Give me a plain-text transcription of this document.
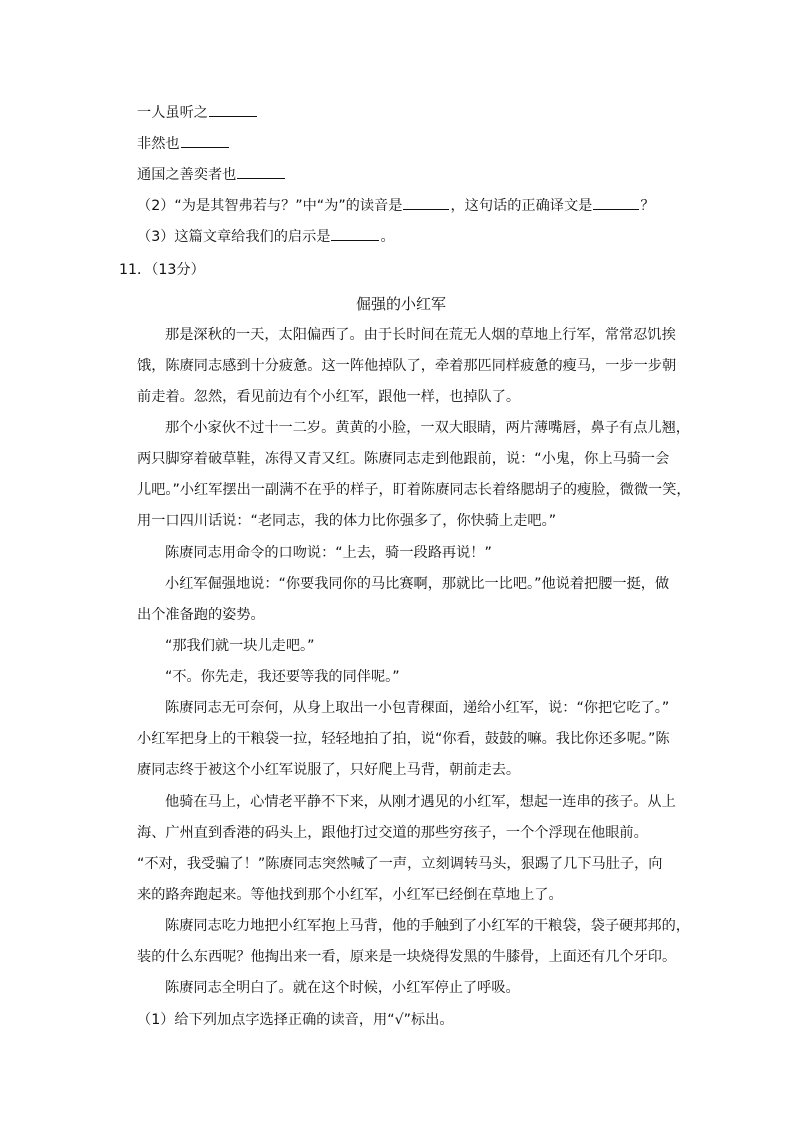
一人虽听之
非然也
通国之善奕者也
（2）“为是其智弗若与？”中“为”的读音是	，这句话的正确译文是	？
（3）这篇文章给我们的启示是	。
11．（13分）
倔强的小红军
那是深秋的一天，太阳偏西了。由于长时间在荒无人烟的草地上行军，常常忍饥挨
饿，陈赓同志感到十分疲惫。这一阵他掉队了，牵着那匹同样疲惫的瘦马，一步一步朝
前走着。忽然，看见前边有个小红军，跟他一样，也掉队了。
那个小家伙不过十一二岁。黄黄的小脸，一双大眼睛，两片薄嘴唇，鼻子有点儿翘，
两只脚穿着破草鞋，冻得又青又红。陈赓同志走到他跟前，说：“小鬼，你上马骑一会
儿吧。”小红军摆出一副满不在乎的样子，盯着陈赓同志长着络腮胡子的瘦脸，微微一笑，
用一口四川话说：“老同志，我的体力比你强多了，你快骑上走吧。”
陈赓同志用命令的口吻说：“上去，骑一段路再说！”
小红军倔强地说：“你要我同你的马比赛啊，那就比一比吧。”他说着把腰一挺，做
出个准备跑的姿势。
“那我们就一块儿走吧。”
“不。你先走，我还要等我的同伴呢。”
陈赓同志无可奈何，从身上取出一小包青稞面，递给小红军，说：“你把它吃了。”
小红军把身上的干粮袋一拉，轻轻地拍了拍，说“你看，鼓鼓的嘛。我比你还多呢。”陈
赓同志终于被这个小红军说服了，只好爬上马背，朝前走去。
他骑在马上，心情老平静不下来，从刚才遇见的小红军，想起一连串的孩子。从上
海、广州直到香港的码头上，跟他打过交道的那些穷孩子，一个个浮现在他眼前。
“不对，我受骗了！”陈赓同志突然喊了一声，立刻调转马头，狠踢了几下马肚子，向
来的路奔跑起来。等他找到那个小红军，小红军已经倒在草地上了。
陈赓同志吃力地把小红军抱上马背，他的手触到了小红军的干粮袋，袋子硬邦邦的，
装的什么东西呢？他掏出来一看，原来是一块烧得发黑的牛膝骨，上面还有几个牙印。
陈赓同志全明白了。就在这个时候，小红军停止了呼吸。
（1）给下列加点字选择正确的读音，用“√”标出。
